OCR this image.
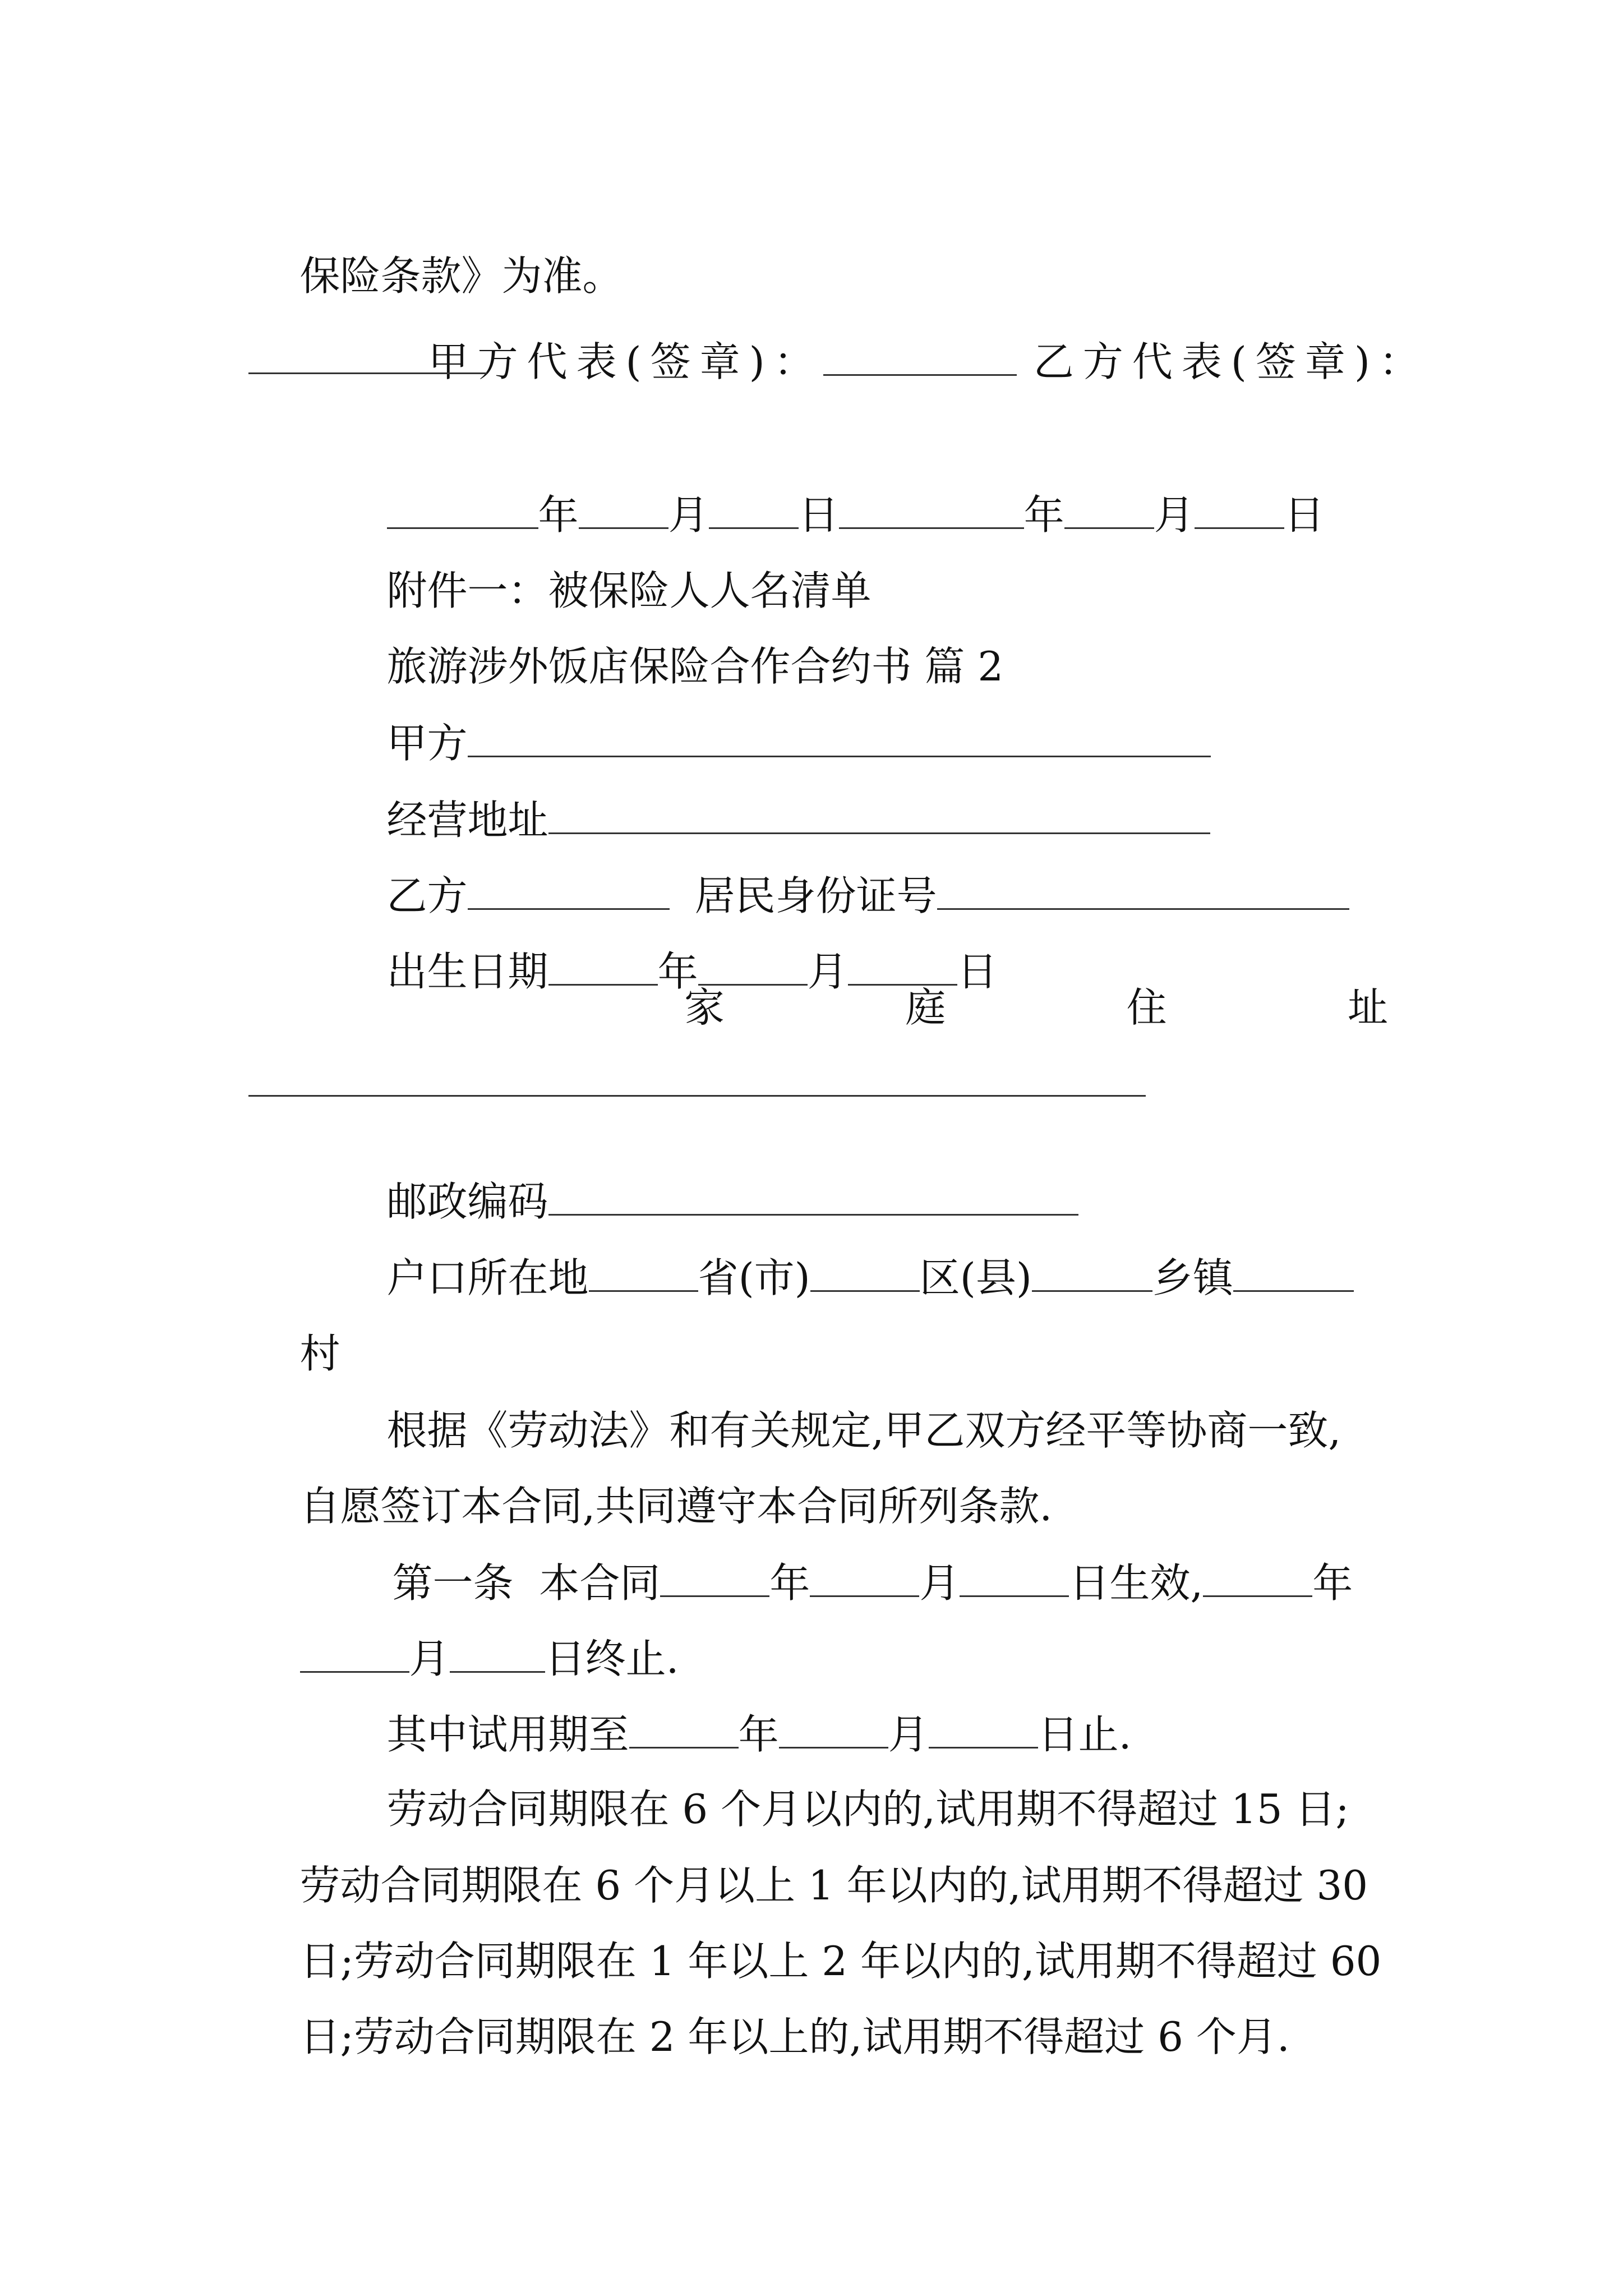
保险条款》为准。

甲方代表(签章)：	乙方代表(签章)：

年 月 日	年 月 日

附件一：被保险人人名清单

旅游涉外饭店保险合作合约书 篇 2

甲方

经营地址

乙方	居民身份证号

出生日期	年	月	日

家	庭	住	址

邮政编码

户口所在地	省(市)	区(县)	乡镇

村

根据《劳动法》和有关规定,甲乙双方经平等协商一致,

自愿签订本合同,共同遵守本合同所列条款.

第一条  本合同	年	月	日生效,	年

月 日终止.

其中试用期至	年	月	日止.

劳动合同期限在 6 个月以内的,试用期不得超过 15 日;

劳动合同期限在 6 个月以上 1 年以内的,试用期不得超过 30

日;劳动合同期限在 1 年以上 2 年以内的,试用期不得超过 60

日;劳动合同期限在 2 年以上的,试用期不得超过 6 个月.
